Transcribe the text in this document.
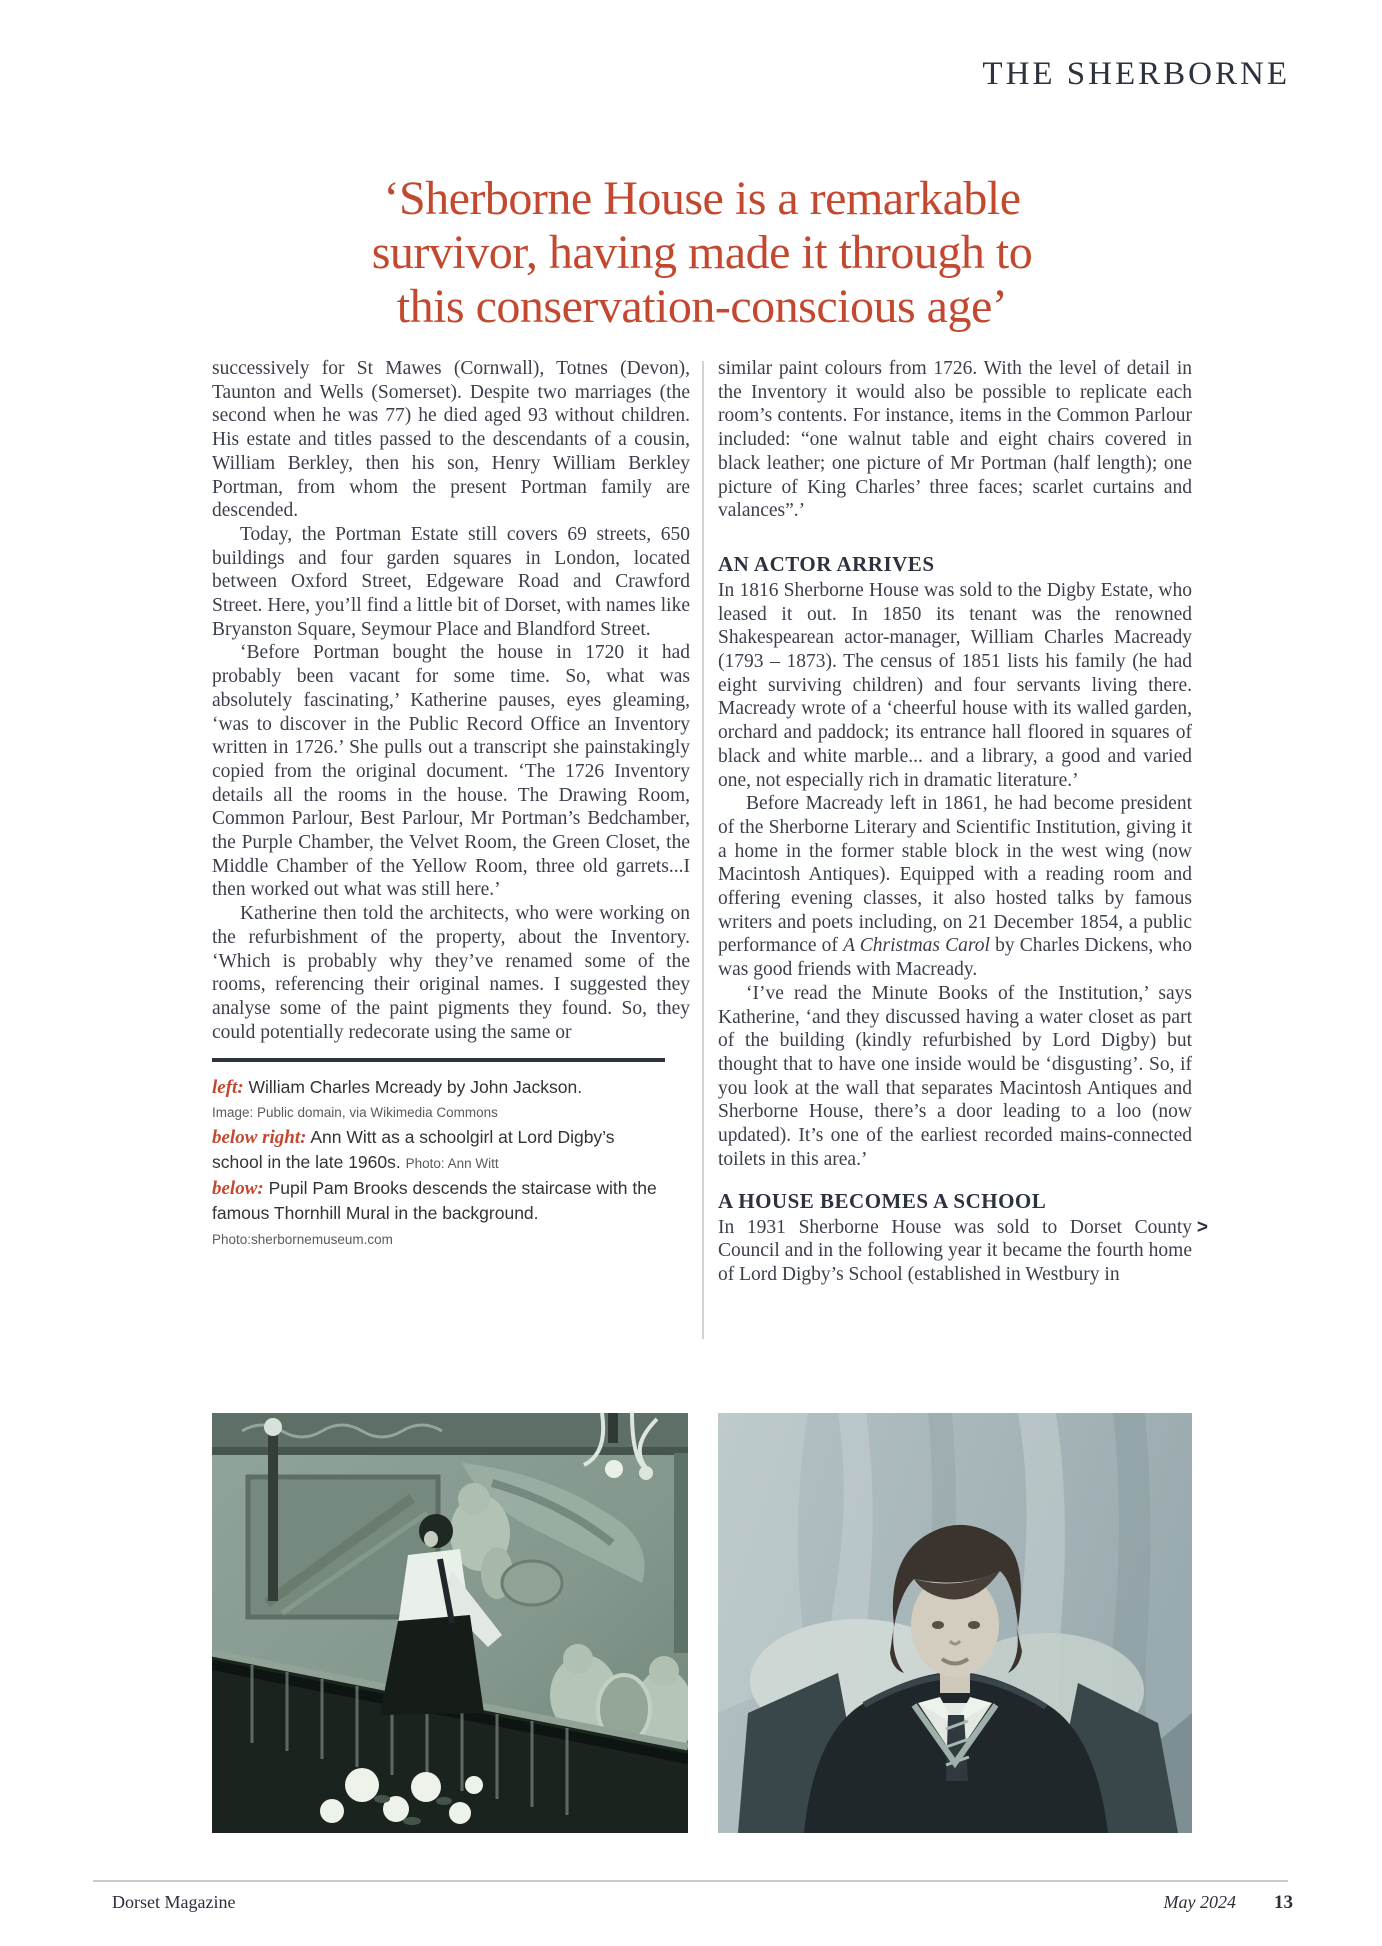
THE SHERBORNE
‘Sherborne House is a remarkable
survivor, having made it through to
this conservation-conscious age’

successively for St Mawes (Cornwall), Totnes (Devon), Taunton and Wells (Somerset). Despite two marriages (the second when he was 77) he died aged 93 without children. His estate and titles passed to the descendants of a cousin, William Berkley, then his son, Henry William Berkley Portman, from whom the present Portman family are descended.

Today, the Portman Estate still covers 69 streets, 650 buildings and four garden squares in London, located between Oxford Street, Edgeware Road and Crawford Street. Here, you’ll find a little bit of Dorset, with names like Bryanston Square, Seymour Place and Blandford Street.

‘Before Portman bought the house in 1720 it had probably been vacant for some time. So, what was absolutely fascinating,’ Katherine pauses, eyes gleaming, ‘was to discover in the Public Record Office an Inventory written in 1726.’ She pulls out a transcript she painstakingly copied from the original document. ‘The 1726 Inventory details all the rooms in the house. The Drawing Room, Common Parlour, Best Parlour, Mr Portman’s Bedchamber, the Purple Chamber, the Velvet Room, the Green Closet, the Middle Chamber of the Yellow Room, three old garrets...I then worked out what was still here.’

Katherine then told the architects, who were working on the refurbishment of the property, about the Inventory. ‘Which is probably why they’ve renamed some of the rooms, referencing their original names. I suggested they analyse some of the paint pigments they found. So, they could potentially redecorate using the same or

left: William Charles Mcready by John Jackson.
Image: Public domain, via Wikimedia Commons

below right: Ann Witt as a schoolgirl at Lord Digby’s school in the late 1960s. Photo: Ann Witt

below: Pupil Pam Brooks descends the staircase with the famous Thornhill Mural in the background. Photo:sherbornemuseum.com

similar paint colours from 1726. With the level of detail in the Inventory it would also be possible to replicate each room’s contents. For instance, items in the Common Parlour included: “one walnut table and eight chairs covered in black leather; one picture of Mr Portman (half length); one picture of King Charles’ three faces; scarlet curtains and valances”.’

AN ACTOR ARRIVES

In 1816 Sherborne House was sold to the Digby Estate, who leased it out. In 1850 its tenant was the renowned Shakespearean actor-manager, William Charles Macready (1793 – 1873). The census of 1851 lists his family (he had eight surviving children) and four servants living there. Macready wrote of a ‘cheerful house with its walled garden, orchard and paddock; its entrance hall floored in squares of black and white marble... and a library, a good and varied one, not especially rich in dramatic literature.’

Before Macready left in 1861, he had become president of the Sherborne Literary and Scientific Institution, giving it a home in the former stable block in the west wing (now Macintosh Antiques). Equipped with a reading room and offering evening classes, it also hosted talks by famous writers and poets including, on 21 December 1854, a public performance of A Christmas Carol by Charles Dickens, who was good friends with Macready.

‘I’ve read the Minute Books of the Institution,’ says Katherine, ‘and they discussed having a water closet as part of the building (kindly refurbished by Lord Digby) but thought that to have one inside would be ‘disgusting’. So, if you look at the wall that separates Macintosh Antiques and Sherborne House, there’s a door leading to a loo (now updated). It’s one of the earliest recorded mains-connected toilets in this area.’

A HOUSE BECOMES A SCHOOL

>
In 1931 Sherborne House was sold to Dorset County Council and in the following year it became the fourth home of Lord Digby’s School (established in Westbury in

Dorset Magazine	May 2024 13
